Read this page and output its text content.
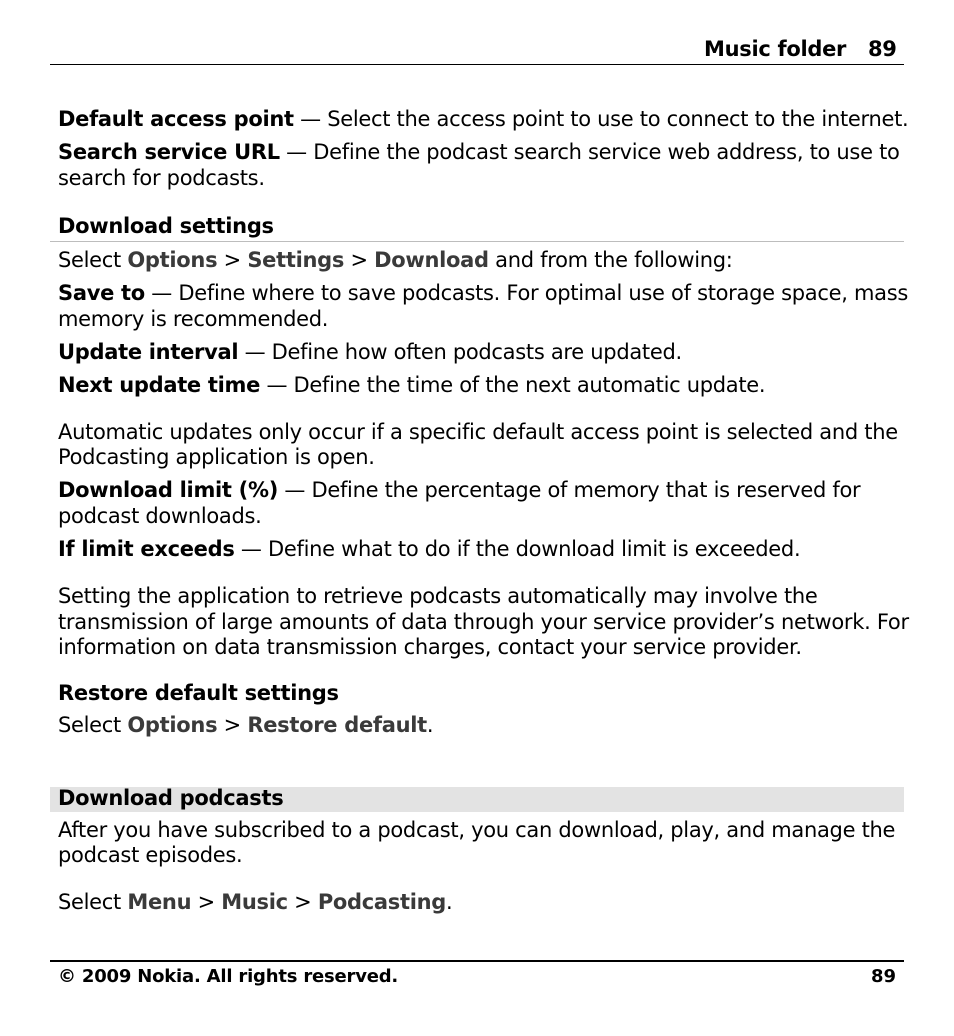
Music folder 89
Default access point — Select the access point to use to connect to the internet.
Search service URL — Define the podcast search service web address, to use to
search for podcasts.
Download settings
Select Options > Settings > Download and from the following:
Save to — Define where to save podcasts. For optimal use of storage space, mass
memory is recommended.
Update interval — Define how often podcasts are updated.
Next update time — Define the time of the next automatic update.
Automatic updates only occur if a specific default access point is selected and the
Podcasting application is open.
Download limit (%) — Define the percentage of memory that is reserved for
podcast downloads.
If limit exceeds — Define what to do if the download limit is exceeded.
Setting the application to retrieve podcasts automatically may involve the
transmission of large amounts of data through your service provider’s network. For
information on data transmission charges, contact your service provider.
Restore default settings
Select Options > Restore default.
Download podcasts
After you have subscribed to a podcast, you can download, play, and manage the
podcast episodes.
Select Menu > Music > Podcasting.
© 2009 Nokia. All rights reserved.	89
